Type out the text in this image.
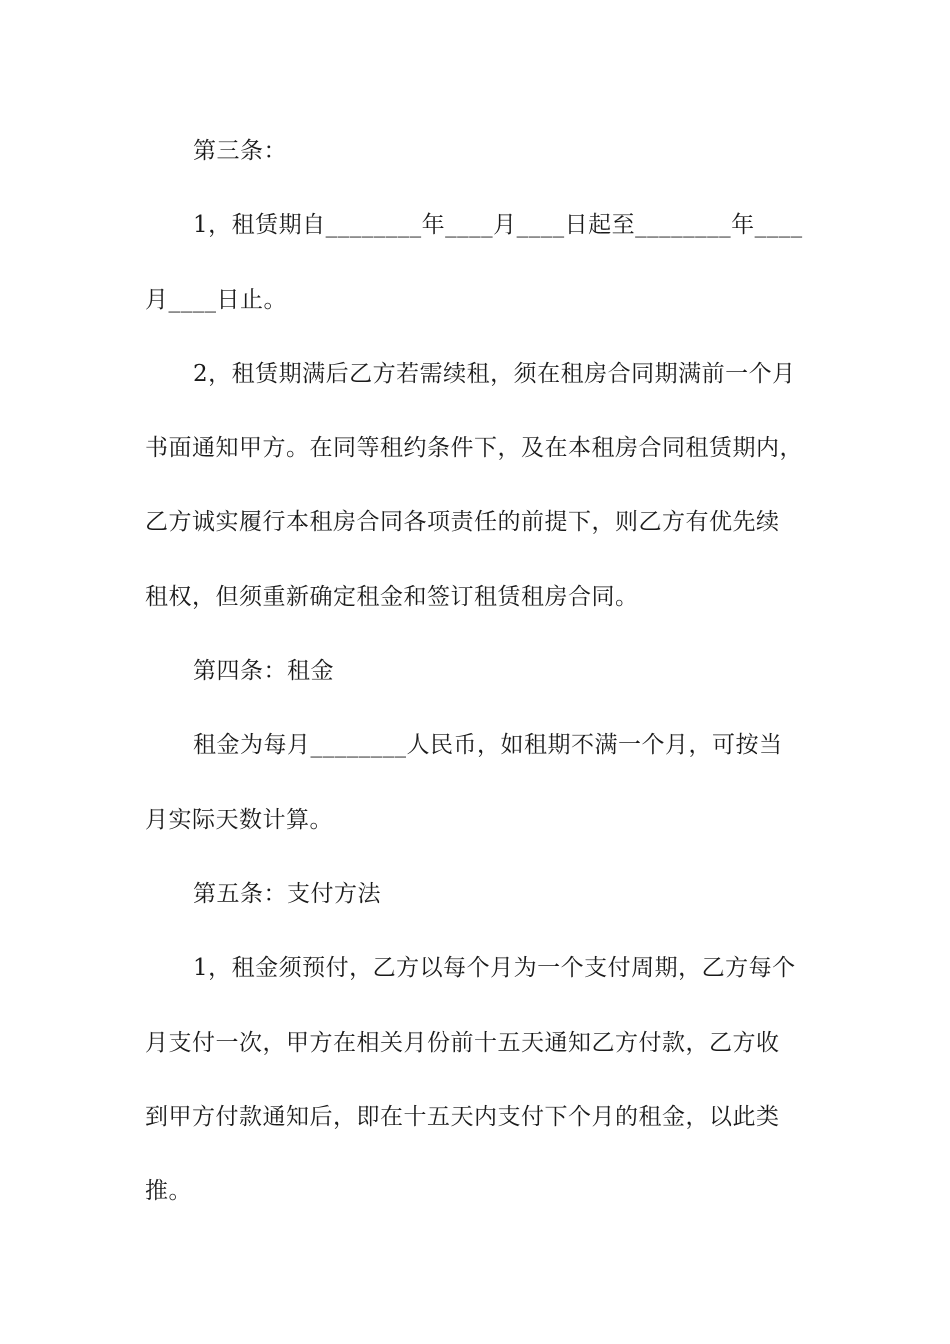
第三条：
1，租赁期自________年____月____日起至________年____
月____日止。
2，租赁期满后乙方若需续租，须在租房合同期满前一个月
书面通知甲方。在同等租约条件下，及在本租房合同租赁期内，
乙方诚实履行本租房合同各项责任的前提下，则乙方有优先续
租权，但须重新确定租金和签订租赁租房合同。
第四条：租金
租金为每月________人民币，如租期不满一个月，可按当
月实际天数计算。
第五条：支付方法
1，租金须预付，乙方以每个月为一个支付周期，乙方每个
月支付一次，甲方在相关月份前十五天通知乙方付款，乙方收
到甲方付款通知后，即在十五天内支付下个月的租金，以此类
推。
